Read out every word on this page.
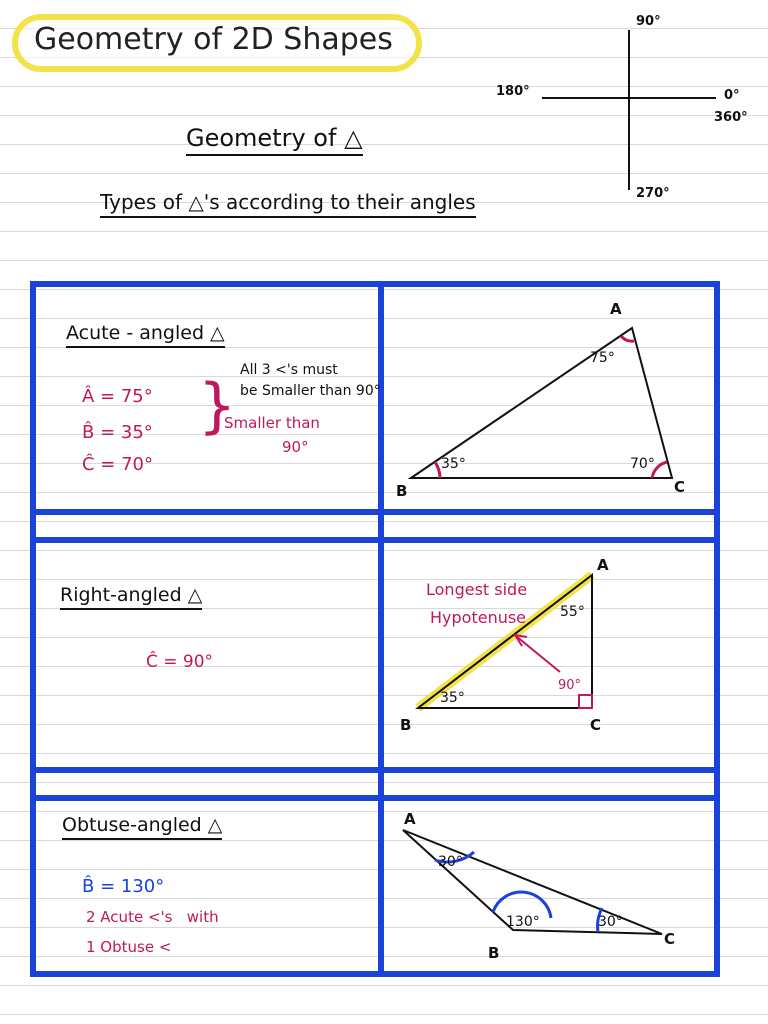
Geometry of 2D Shapes
Geometry of △
Types of △'s according to their angles
90°
180°	0°
360°
270°
Acute - angled △
All 3 <'s must
be Smaller than 90°
Â = 75°
B̂ = 35°
Ĉ = 70°
}
Smaller than
90°
A
B	C
75°
35°	70°
Right-angled △
Ĉ = 90°
Longest side
Hypotenuse
A
B	C
55°
35°
90°
Obtuse-angled △
B̂ = 130°
2 Acute <'s   with
1 Obtuse <
A
B
C
30°
130°	30°
